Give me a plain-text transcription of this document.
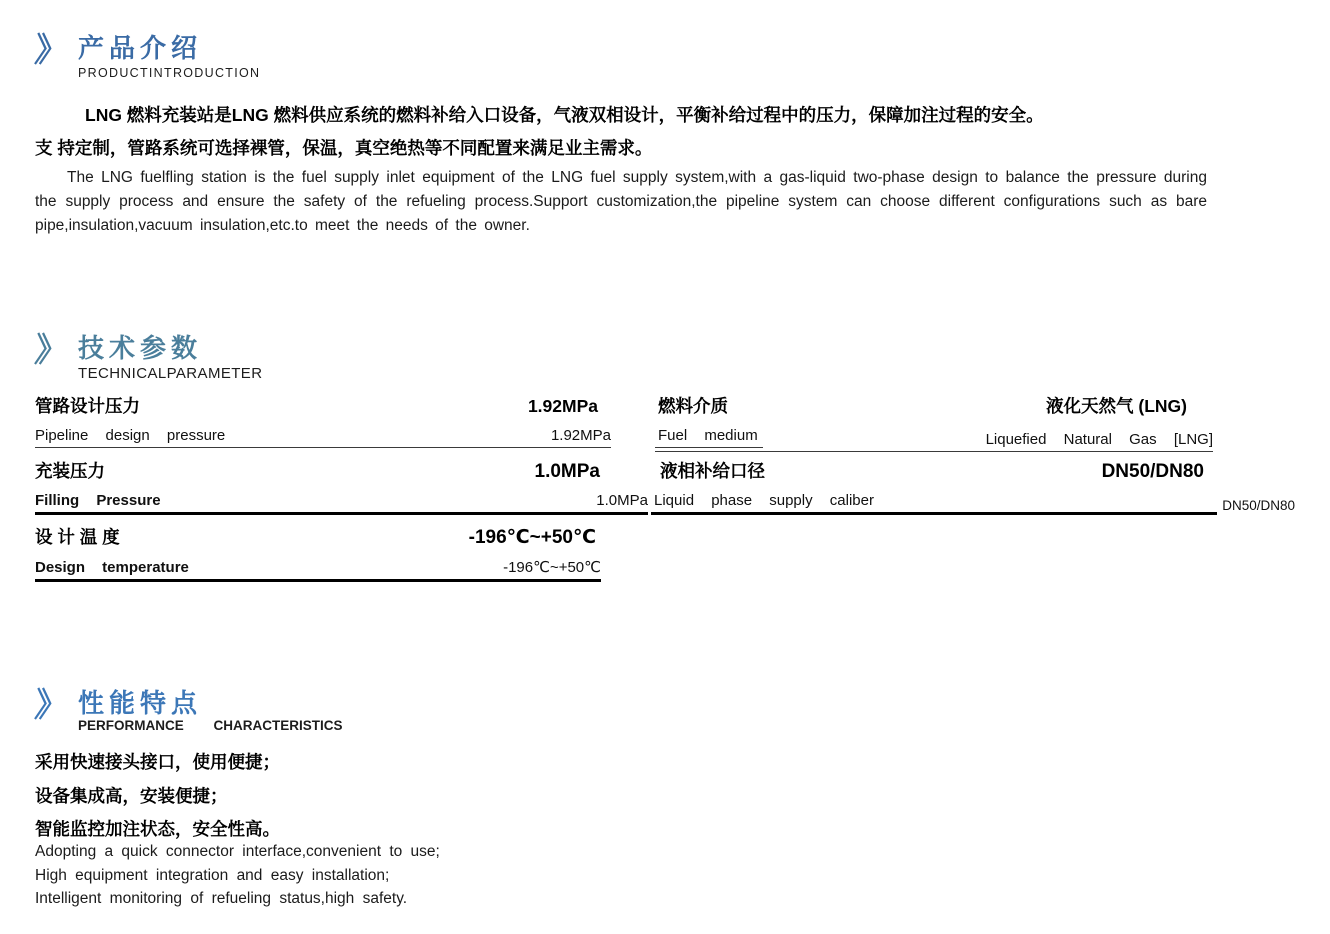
》 产品介绍
PRODUCTINTRODUCTION
LNG 燃料充装站是LNG 燃料供应系统的燃料补给入口设备，气液双相设计，平衡补给过程中的压力，保障加注过程的安全。
支 持定制，管路系统可选择裸管，保温，真空绝热等不同配置来满足业主需求。
The LNG fuelfling station is the fuel supply inlet equipment of the LNG fuel supply system,with a gas-liquid two-phase design to balance the pressure during the supply process and ensure the safety of the refueling process.Support customization,the pipeline system can choose different configurations such as bare pipe,insulation,vacuum insulation,etc.to meet the needs of the owner.
》 技术参数
TECHNICALPARAMETER
管路设计压力	1.92MPa
Pipeline design pressure	1.92MPa
燃料介质	液化天然气 (LNG)
Fuel medium	Liquefied Natural Gas [LNG]
充装压力	1.0MPa
Filling Pressure	1.0MPa
液相补给口径	DN50/DN80
Liquid phase supply caliber	DN50/DN80
设 计 温 度	-196℃~+50℃
Design temperature	-196℃~+50℃
》 性能特点
PERFORMANCE CHARACTERISTICS
采用快速接头接口，使用便捷；
设备集成高，安装便捷；
智能监控加注状态，安全性高。
Adopting a quick connector interface,convenient to use;
High equipment integration and easy installation;
Intelligent monitoring of refueling status,high safety.
